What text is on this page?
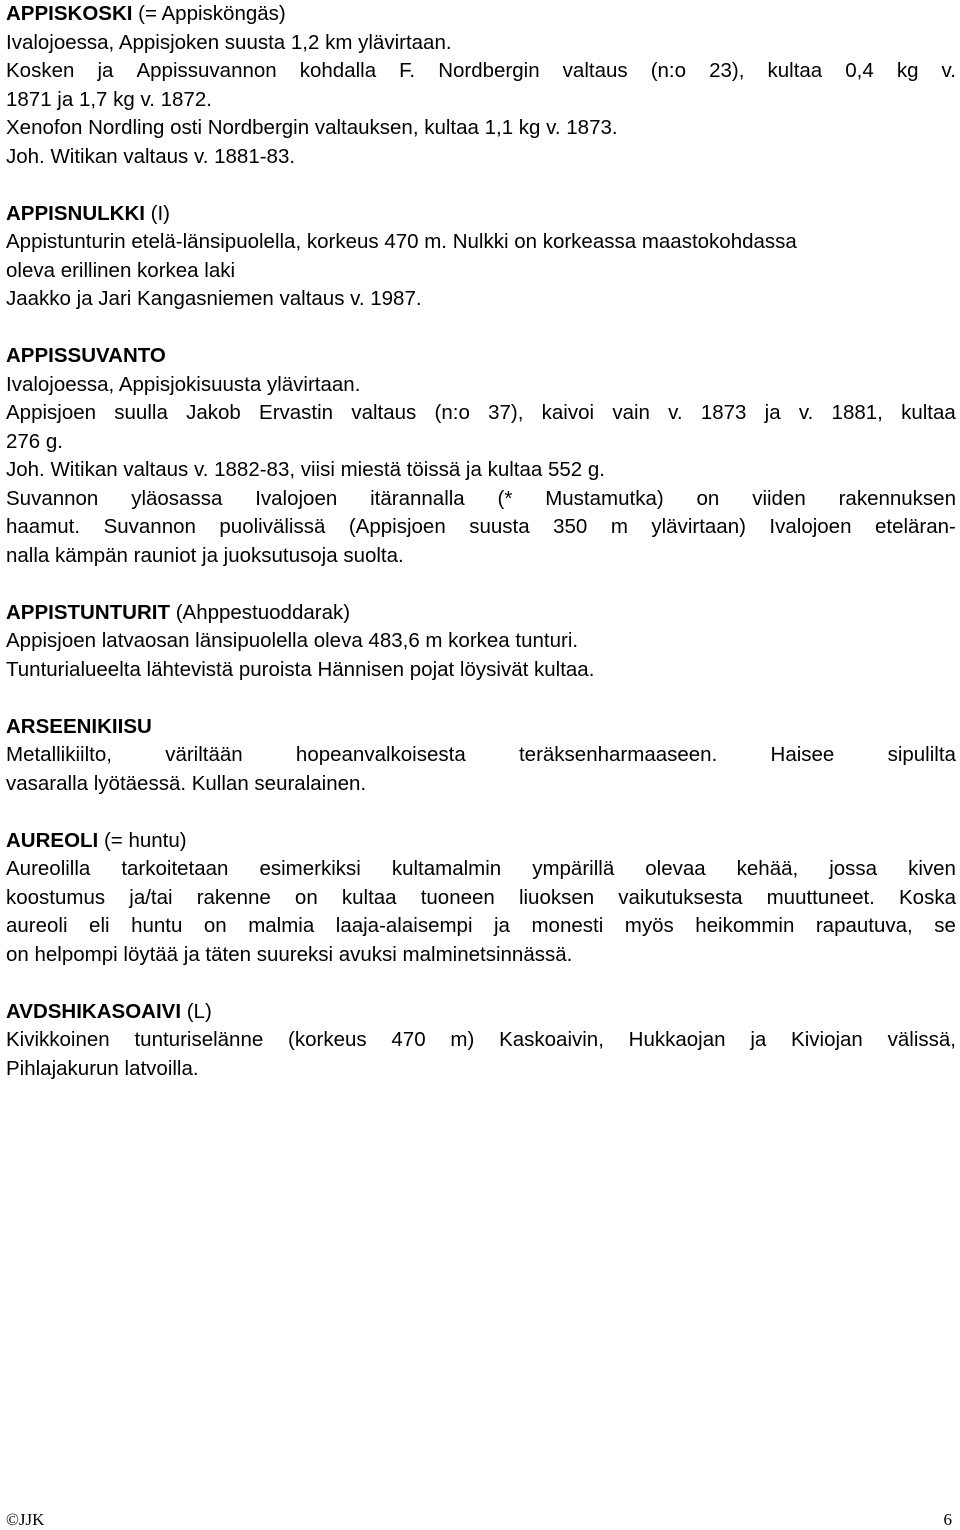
APPISKOSKI (= Appisköngäs)
Ivalojoessa, Appisjoken suusta 1,2 km ylävirtaan.
Kosken ja Appissuvannon kohdalla F. Nordbergin valtaus (n:o 23), kultaa 0,4 kg v.
1871 ja 1,7 kg v. 1872.
Xenofon Nordling osti Nordbergin valtauksen, kultaa 1,1 kg v. 1873.
Joh. Witikan valtaus v. 1881-83.
APPISNULKKI (I)
Appistunturin etelä-länsipuolella, korkeus 470 m. Nulkki on korkeassa maastokohdassa
oleva erillinen korkea laki
Jaakko ja Jari Kangasniemen valtaus v. 1987.
APPISSUVANTO
Ivalojoessa, Appisjokisuusta ylävirtaan.
Appisjoen suulla Jakob Ervastin valtaus (n:o 37), kaivoi vain v. 1873 ja v. 1881, kultaa
276 g.
Joh. Witikan valtaus v. 1882-83, viisi miestä töissä ja kultaa 552 g.
Suvannon yläosassa Ivalojoen itärannalla (* Mustamutka) on viiden rakennuksen
haamut. Suvannon puolivälissä (Appisjoen suusta 350 m ylävirtaan) Ivalojoen eteläran-
nalla kämpän rauniot ja juoksutusoja suolta.
APPISTUNTURIT (Ahppestuoddarak)
Appisjoen latvaosan länsipuolella oleva 483,6 m korkea tunturi.
Tunturialueelta lähtevistä puroista Hännisen pojat löysivät kultaa.
ARSEENIKIISU
Metallikiilto,	väriltään	hopeanvalkoisesta	teräksenharmaaseen.	Haisee	sipulilta
vasaralla lyötäessä. Kullan seuralainen.
AUREOLI (= huntu)
Aureolilla tarkoitetaan esimerkiksi kultamalmin ympärillä olevaa kehää, jossa kiven
koostumus ja/tai rakenne on kultaa tuoneen liuoksen vaikutuksesta muuttuneet. Koska
aureoli eli huntu on malmia laaja-alaisempi ja monesti myös heikommin rapautuva, se
on helpompi löytää ja täten suureksi avuksi malminetsinnässä.
AVDSHIKASOAIVI (L)
Kivikkoinen tunturiselänne (korkeus 470 m) Kaskoaivin, Hukkaojan ja Kiviojan välissä,
Pihlajakurun latvoilla.
©JJK	6
